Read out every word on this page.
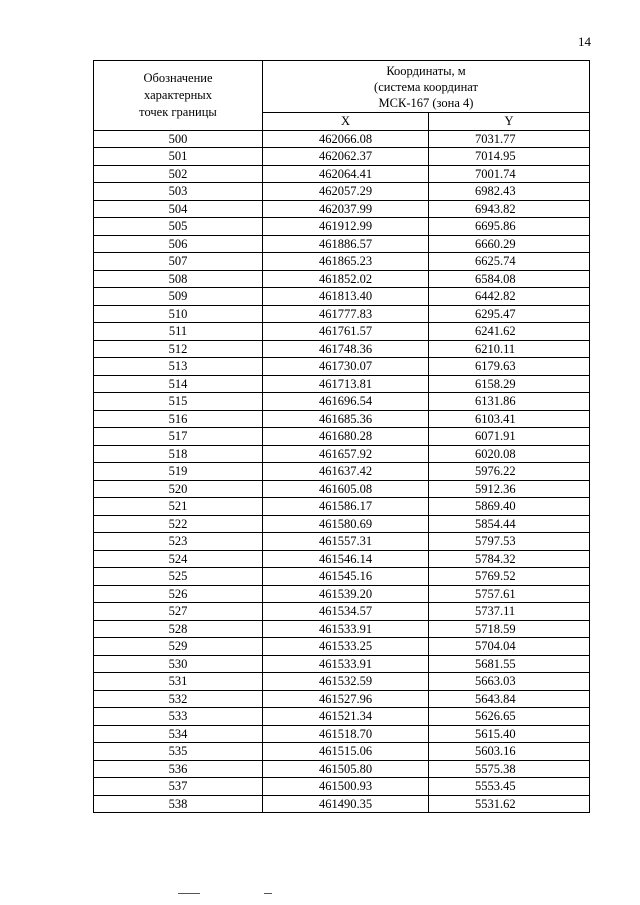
14
Обозначение
характерных
точек границы	Координаты, м
(система координат
МСК-167 (зона 4)	

	X	Y
500	462066.08	7031.77
501	462062.37	7014.95
502	462064.41	7001.74
503	462057.29	6982.43
504	462037.99	6943.82
505	461912.99	6695.86
506	461886.57	6660.29
507	461865.23	6625.74
508	461852.02	6584.08
509	461813.40	6442.82
510	461777.83	6295.47
511	461761.57	6241.62
512	461748.36	6210.11
513	461730.07	6179.63
514	461713.81	6158.29
515	461696.54	6131.86
516	461685.36	6103.41
517	461680.28	6071.91
518	461657.92	6020.08
519	461637.42	5976.22
520	461605.08	5912.36
521	461586.17	5869.40
522	461580.69	5854.44
523	461557.31	5797.53
524	461546.14	5784.32
525	461545.16	5769.52
526	461539.20	5757.61
527	461534.57	5737.11
528	461533.91	5718.59
529	461533.25	5704.04
530	461533.91	5681.55
531	461532.59	5663.03
532	461527.96	5643.84
533	461521.34	5626.65
534	461518.70	5615.40
535	461515.06	5603.16
536	461505.80	5575.38
537	461500.93	5553.45
538	461490.35	5531.62
